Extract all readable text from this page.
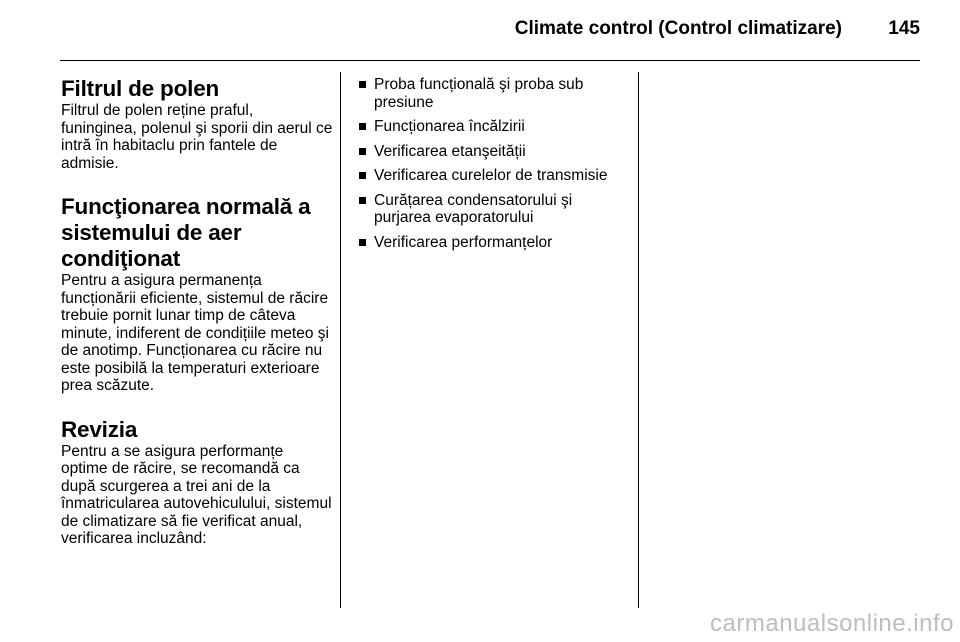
Climate control (Control climatizare) 145
Filtrul de polen

Filtrul de polen reține praful, funinginea, polenul şi sporii din aerul ce intră în habitaclu prin fantele de admisie.

Funcţionarea normală a sistemului de aer condiţionat

Pentru a asigura permanența funcționării eficiente, sistemul de răcire trebuie pornit lunar timp de câteva minute, indiferent de condițiile meteo şi de anotimp. Funcționarea cu răcire nu este posibilă la temperaturi exterioare prea scăzute.

Revizia

Pentru a se asigura performanțe optime de răcire, se recomandă ca după scurgerea a trei ani de la înmatricularea autovehiculului, sistemul de climatizare să fie verificat anual, verificarea incluzând:

Proba funcțională şi proba sub presiune
Funcționarea încălzirii
Verificarea etanşeității
Verificarea curelelor de transmisie
Curățarea condensatorului şi purjarea evaporatorului
Verificarea performanțelor
carmanualsonline.info
